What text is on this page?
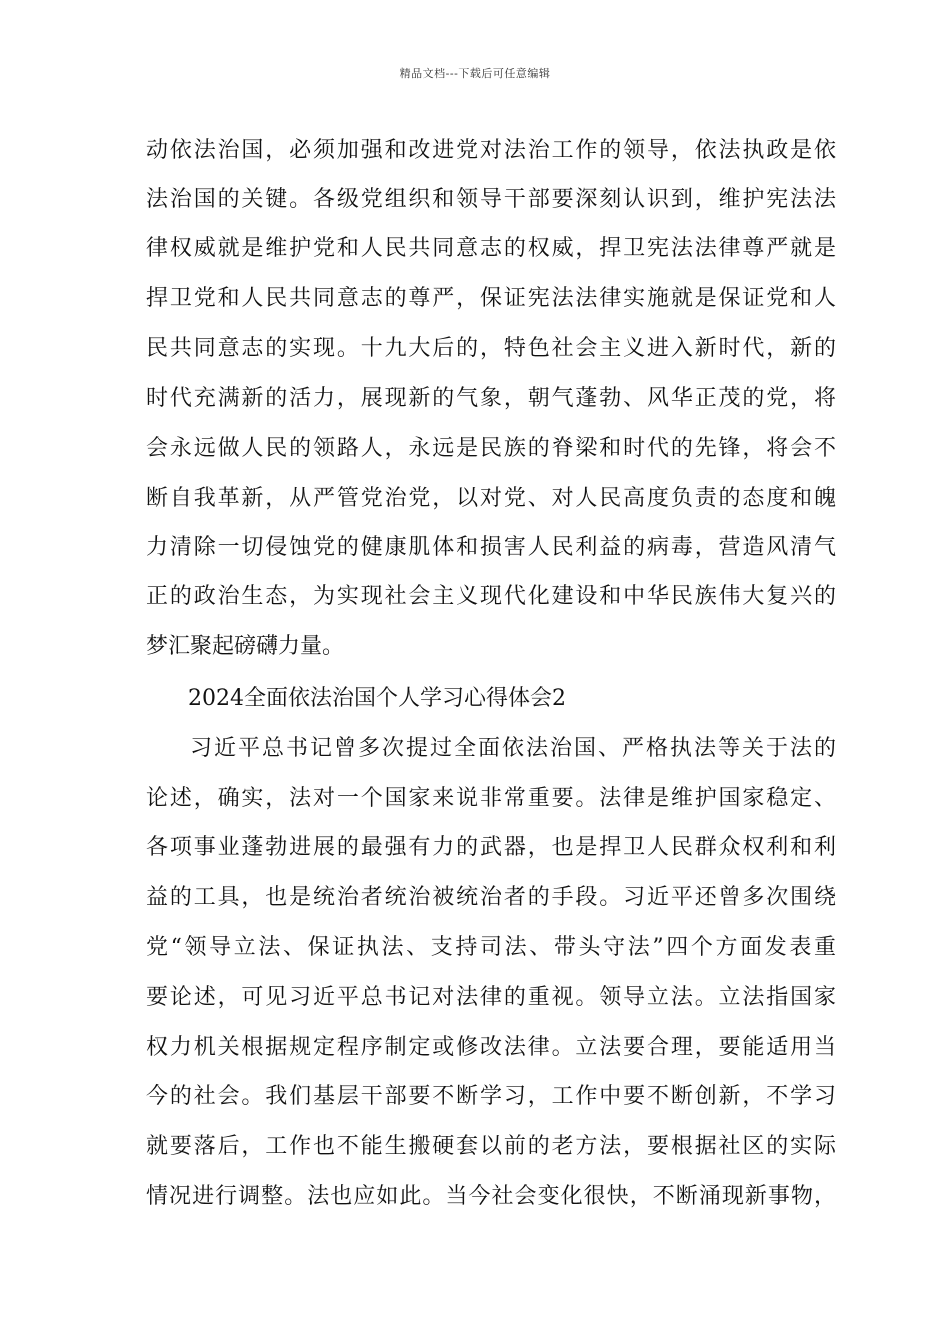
精品文档---下载后可任意编辑
动依法治国，必须加强和改进党对法治工作的领导，依法执政是依
法治国的关键。各级党组织和领导干部要深刻认识到，维护宪法法
律权威就是维护党和人民共同意志的权威，捍卫宪法法律尊严就是
捍卫党和人民共同意志的尊严，保证宪法法律实施就是保证党和人
民共同意志的实现。十九大后的，特色社会主义进入新时代，新的
时代充满新的活力，展现新的气象，朝气蓬勃、风华正茂的党，将
会永远做人民的领路人，永远是民族的脊梁和时代的先锋，将会不
断自我革新，从严管党治党，以对党、对人民高度负责的态度和魄
力清除一切侵蚀党的健康肌体和损害人民利益的病毒，营造风清气
正的政治生态，为实现社会主义现代化建设和中华民族伟大复兴的
梦汇聚起磅礴力量。
2024全面依法治国个人学习心得体会2
习近平总书记曾多次提过全面依法治国、严格执法等关于法的
论述，确实，法对一个国家来说非常重要。法律是维护国家稳定、
各项事业蓬勃进展的最强有力的武器，也是捍卫人民群众权利和利
益的工具，也是统治者统治被统治者的手段。习近平还曾多次围绕
党“领导立法、保证执法、支持司法、带头守法”四个方面发表重
要论述，可见习近平总书记对法律的重视。领导立法。立法指国家
权力机关根据规定程序制定或修改法律。立法要合理，要能适用当
今的社会。我们基层干部要不断学习，工作中要不断创新，不学习
就要落后，工作也不能生搬硬套以前的老方法，要根据社区的实际
情况进行调整。法也应如此。当今社会变化很快，不断涌现新事物，
